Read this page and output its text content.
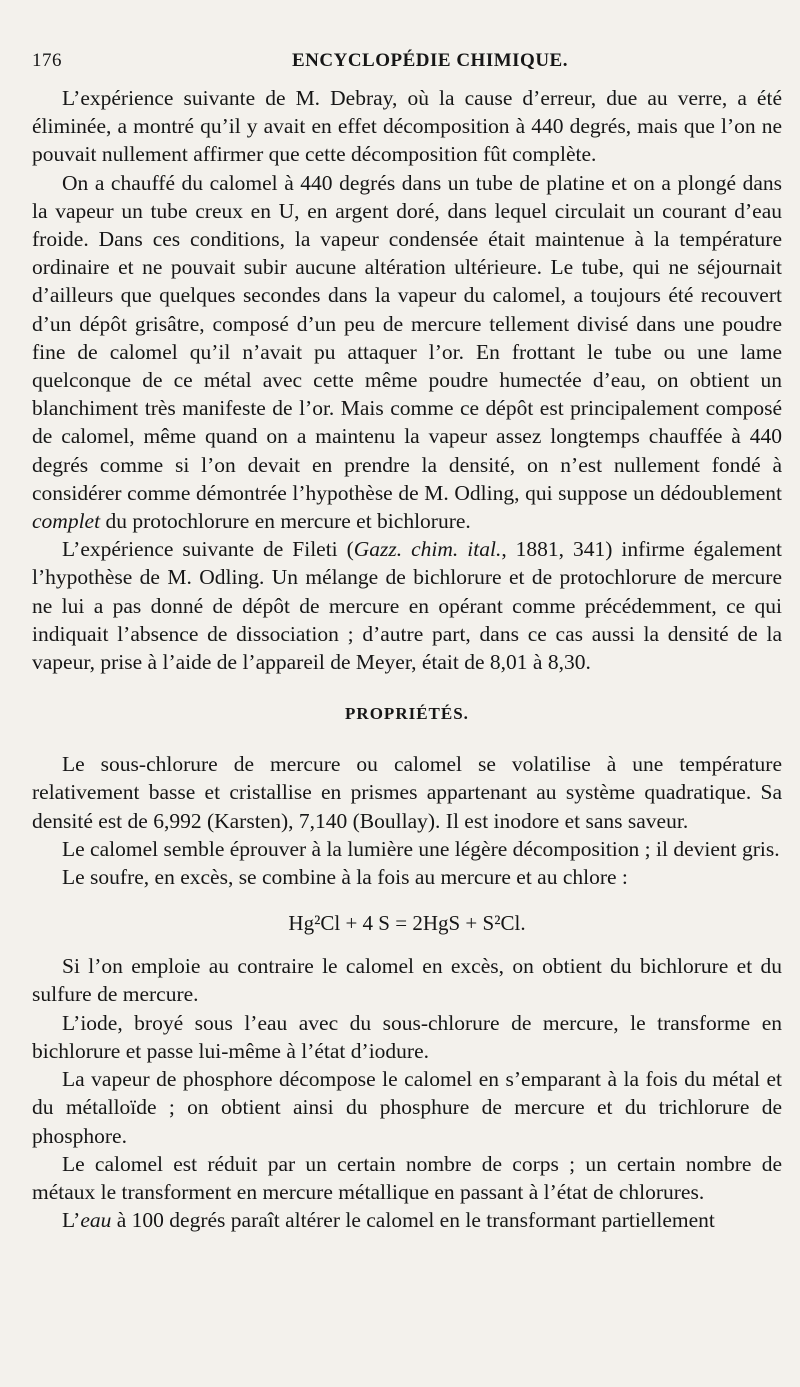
176	ENCYCLOPÉDIE CHIMIQUE.

L’expérience suivante de M. Debray, où la cause d’erreur, due au verre, a été éliminée, a montré qu’il y avait en effet décomposition à 440 degrés, mais que l’on ne pouvait nullement affirmer que cette décomposition fût complète.

On a chauffé du calomel à 440 degrés dans un tube de platine et on a plongé dans la vapeur un tube creux en U, en argent doré, dans lequel circulait un courant d’eau froide. Dans ces conditions, la vapeur condensée était maintenue à la température ordinaire et ne pouvait subir aucune altération ultérieure. Le tube, qui ne séjournait d’ailleurs que quelques secondes dans la vapeur du calomel, a toujours été recouvert d’un dépôt grisâtre, composé d’un peu de mercure tellement divisé dans une poudre fine de calomel qu’il n’avait pu attaquer l’or. En frottant le tube ou une lame quelconque de ce métal avec cette même poudre humectée d’eau, on obtient un blanchiment très manifeste de l’or. Mais comme ce dépôt est principalement composé de calomel, même quand on a maintenu la vapeur assez longtemps chauffée à 440 degrés comme si l’on devait en prendre la densité, on n’est nullement fondé à considérer comme démontrée l’hypothèse de M. Odling, qui suppose un dédoublement complet du protochlorure en mercure et bichlorure.

L’expérience suivante de Fileti (Gazz. chim. ital., 1881, 341) infirme également l’hypothèse de M. Odling. Un mélange de bichlorure et de protochlorure de mercure ne lui a pas donné de dépôt de mercure en opérant comme précédemment, ce qui indiquait l’absence de dissociation ; d’autre part, dans ce cas aussi la densité de la vapeur, prise à l’aide de l’appareil de Meyer, était de 8,01 à 8,30.

PROPRIÉTÉS.

Le sous-chlorure de mercure ou calomel se volatilise à une température relativement basse et cristallise en prismes appartenant au système quadratique. Sa densité est de 6,992 (Karsten), 7,140 (Boullay). Il est inodore et sans saveur.

Le calomel semble éprouver à la lumière une légère décomposition ; il devient gris.

Le soufre, en excès, se combine à la fois au mercure et au chlore :

Hg²Cl + 4 S = 2HgS + S²Cl.

Si l’on emploie au contraire le calomel en excès, on obtient du bichlorure et du sulfure de mercure.

L’iode, broyé sous l’eau avec du sous-chlorure de mercure, le transforme en bichlorure et passe lui-même à l’état d’iodure.

La vapeur de phosphore décompose le calomel en s’emparant à la fois du métal et du métalloïde ; on obtient ainsi du phosphure de mercure et du trichlorure de phosphore.

Le calomel est réduit par un certain nombre de corps ; un certain nombre de métaux le transforment en mercure métallique en passant à l’état de chlorures.

L’eau à 100 degrés paraît altérer le calomel en le transformant partiellement
